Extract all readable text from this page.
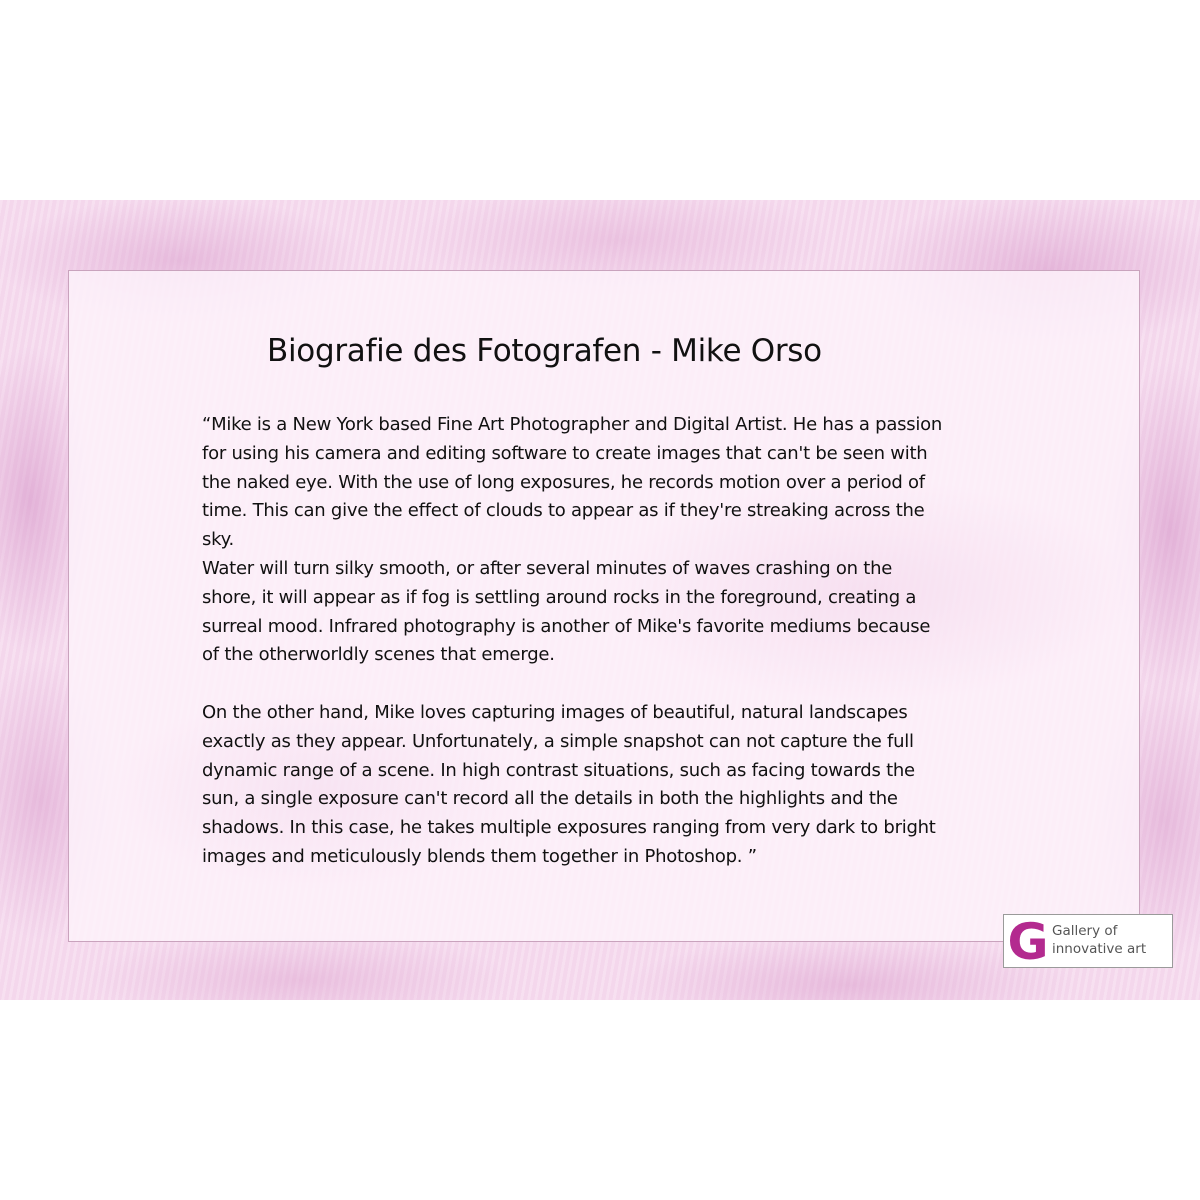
Biografie des Fotografen - Mike Orso

“Mike is a New York based Fine Art Photographer and Digital Artist. He has a passion

for using his camera and editing software to create images that can't be seen with

the naked eye. With the use of long exposures, he records motion over a period of

time. This can give the effect of clouds to appear as if they're streaking across the

sky.

Water will turn silky smooth, or after several minutes of waves crashing on the

shore, it will appear as if fog is settling around rocks in the foreground, creating a

surreal mood. Infrared photography is another of Mike's favorite mediums because

of the otherworldly scenes that emerge.

On the other hand, Mike loves capturing images of beautiful, natural landscapes

exactly as they appear. Unfortunately, a simple snapshot can not capture the full

dynamic range of a scene. In high contrast situations, such as facing towards the

sun, a single exposure can't record all the details in both the highlights and the

shadows. In this case, he takes multiple exposures ranging from very dark to bright

images and meticulously blends them together in Photoshop. ”

G Gallery of
innovative art
